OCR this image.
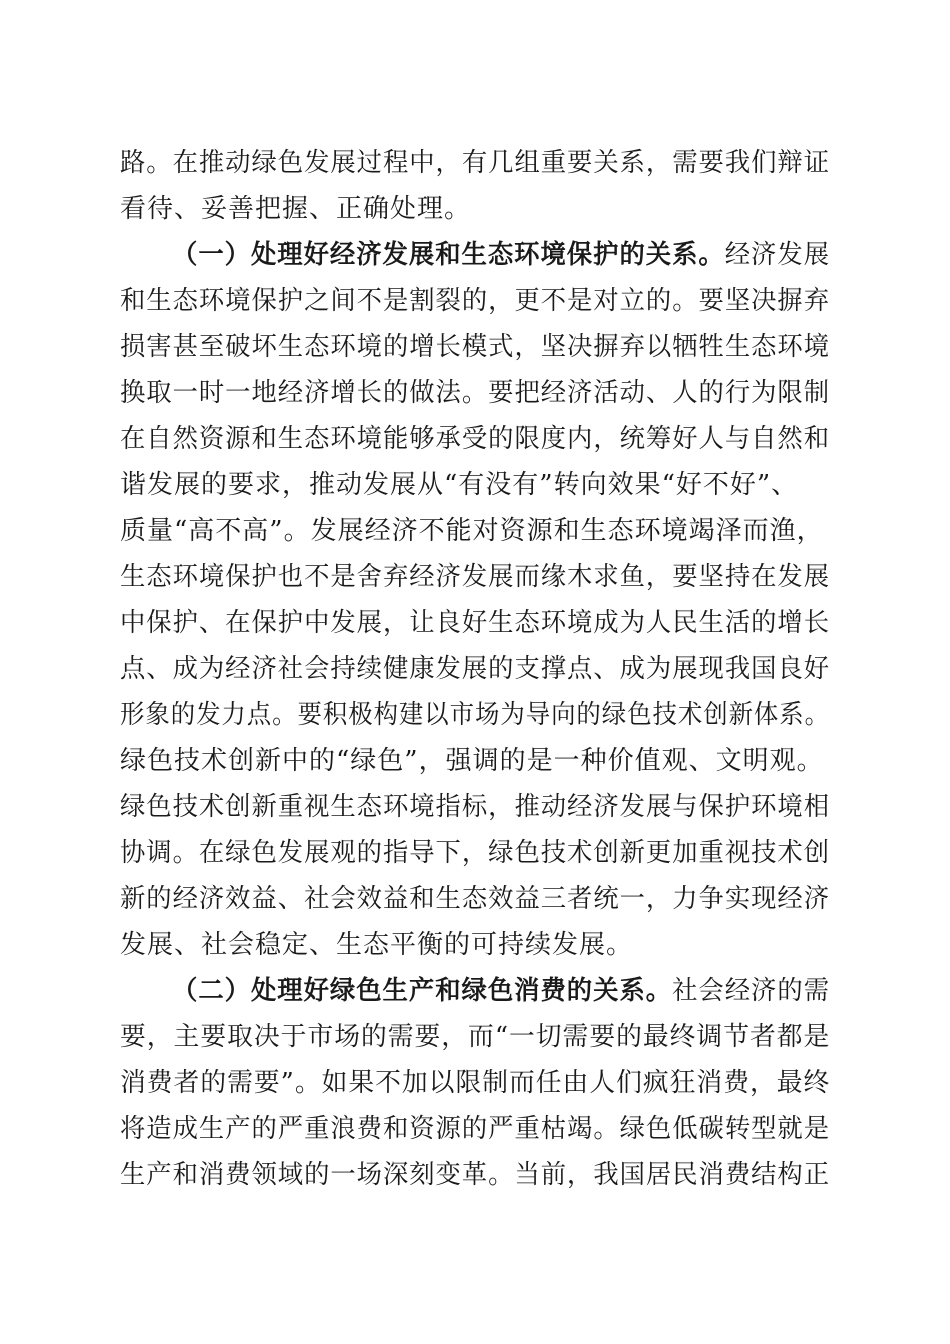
路。在推动绿色发展过程中，有几组重要关系，需要我们辩证
看待、妥善把握、正确处理。
（一）处理好经济发展和生态环境保护的关系。经济发展
和生态环境保护之间不是割裂的，更不是对立的。要坚决摒弃
损害甚至破坏生态环境的增长模式，坚决摒弃以牺牲生态环境
换取一时一地经济增长的做法。要把经济活动、人的行为限制
在自然资源和生态环境能够承受的限度内，统筹好人与自然和
谐发展的要求，推动发展从“有没有”转向效果“好不好”、
质量“高不高”。发展经济不能对资源和生态环境竭泽而渔，
生态环境保护也不是舍弃经济发展而缘木求鱼，要坚持在发展
中保护、在保护中发展，让良好生态环境成为人民生活的增长
点、成为经济社会持续健康发展的支撑点、成为展现我国良好
形象的发力点。要积极构建以市场为导向的绿色技术创新体系。
绿色技术创新中的“绿色”，强调的是一种价值观、文明观。
绿色技术创新重视生态环境指标，推动经济发展与保护环境相
协调。在绿色发展观的指导下，绿色技术创新更加重视技术创
新的经济效益、社会效益和生态效益三者统一，力争实现经济
发展、社会稳定、生态平衡的可持续发展。
（二）处理好绿色生产和绿色消费的关系。社会经济的需
要，主要取决于市场的需要，而“一切需要的最终调节者都是
消费者的需要”。如果不加以限制而任由人们疯狂消费，最终
将造成生产的严重浪费和资源的严重枯竭。绿色低碳转型就是
生产和消费领域的一场深刻变革。当前，我国居民消费结构正
